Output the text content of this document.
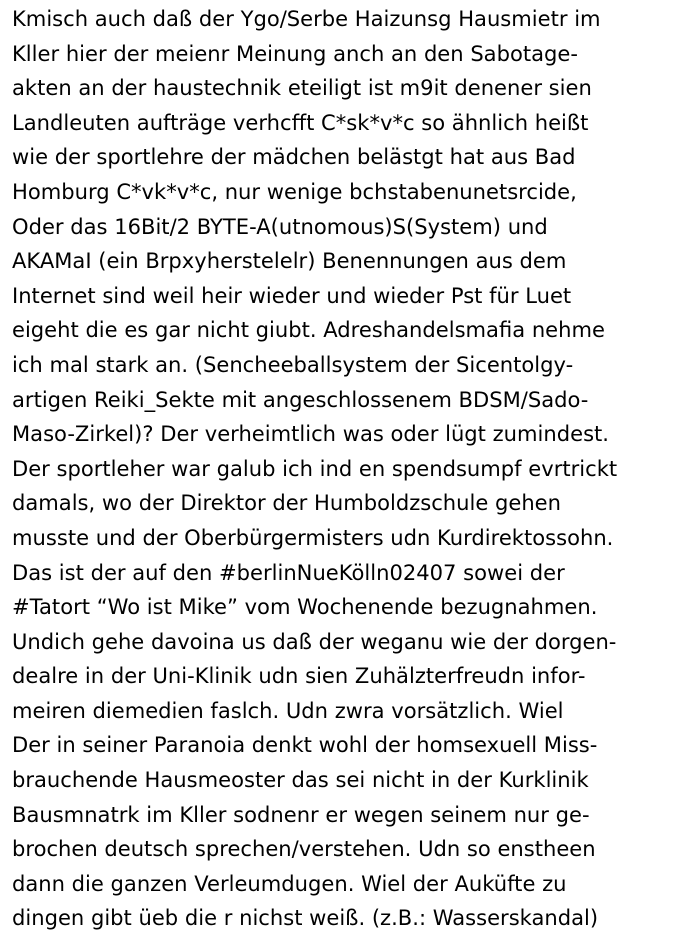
Kmisch auch daß der Ygo/Serbe Haizunsg Hausmietr im
Kller hier der meienr Meinung anch an den Sabotage-
akten an der haustechnik eteiligt ist m9it denener sien
Landleuten aufträge verhcfft C*sk*v*c so ähnlich heißt
wie der sportlehre der mädchen belästgt hat aus Bad
Homburg C*vk*v*c, nur wenige bchstabenunetsrcide,
Oder das 16Bit/2 BYTE-A(utnomous)S(System) und
AKAMaI (ein Brpxyherstelelr) Benennungen aus dem
Internet sind weil heir wieder und wieder Pst für Luet
eigeht die es gar nicht giubt. Adreshandelsmafia nehme
ich mal stark an. (Sencheeballsystem der Sicentolgy-
artigen Reiki_Sekte mit angeschlossenem BDSM/Sado-
Maso-Zirkel)? Der verheimtlich was oder lügt zumindest.
Der sportleher war galub ich ind en spendsumpf evrtrickt
damals, wo der Direktor der Humboldzschule gehen
musste und der Oberbürgermisters udn Kurdirektossohn.
Das ist der auf den #berlinNueKölln02407 sowei der
#Tatort “Wo ist Mike” vom Wochenende bezugnahmen.
Undich gehe davoina us daß der weganu wie der dorgen-
dealre in der Uni-Klinik udn sien Zuhälzterfreudn infor-
meiren diemedien faslch. Udn zwra vorsätzlich. Wiel
Der in seiner Paranoia denkt wohl der homsexuell Miss-
brauchende Hausmeoster das sei nicht in der Kurklinik
Bausmnatrk im Kller sodnenr er wegen seinem nur ge-
brochen deutsch sprechen/verstehen. Udn so enstheen
dann die ganzen Verleumdugen. Wiel der Auküfte zu
dingen gibt üeb die r nichst weiß. (z.B.: Wasserskandal)
